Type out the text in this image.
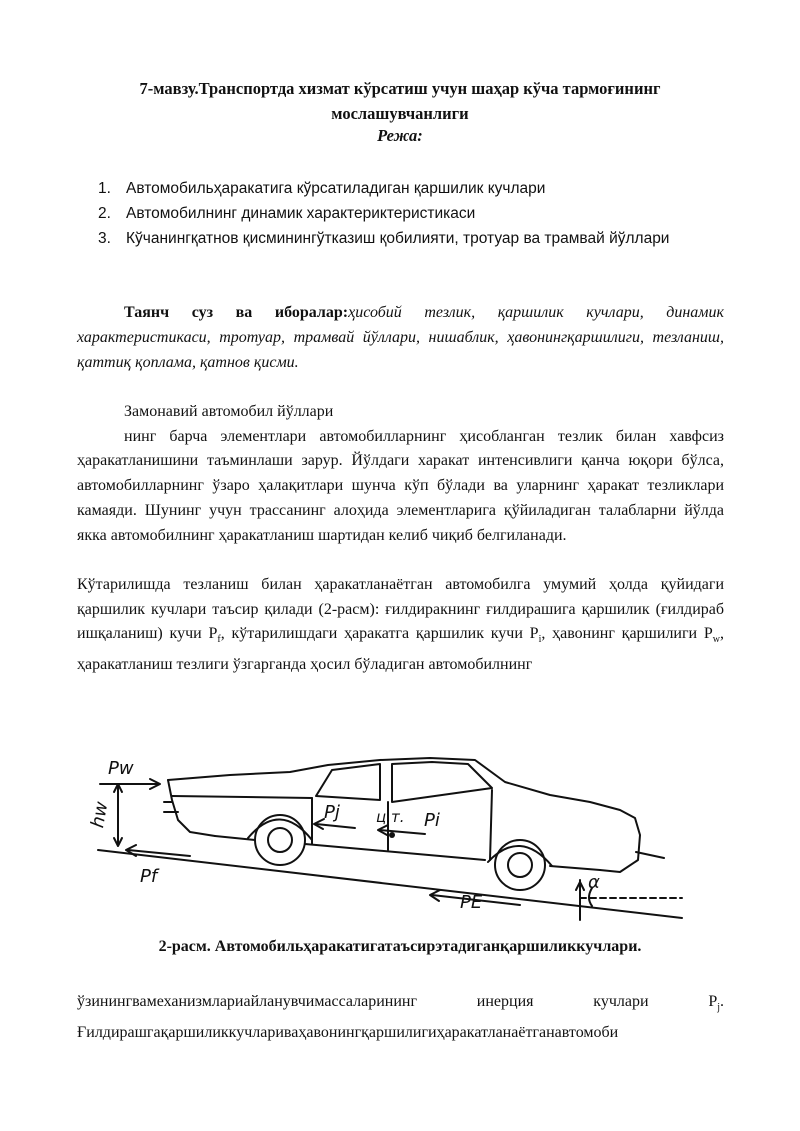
7-мавзу.Транспортда хизмат кўрсатиш учун шаҳар кўча тармоғининг
мослашувчанлиги
Режа:
1. Автомобильҳаракатига кўрсатиладиган қаршилик кучлари
2. Автомобилнинг динамик характериктеристикаси
3. Кўчанингқатнов қисминингўтказиш қобилияти, тротуар ва трамвай йўллари
Таянч суз ва иборалар:ҳисобий тезлик, қаршилик кучлари, динамик характеристикаси, тротуар, трамвай йўллари, нишаблик, ҳавонингқаршилиги, тезланиш, қаттиқ қоплама, қатнов қисми.
Замонавий автомобил йўллари
нинг барча элементлари автомобилларнинг ҳисобланган тезлик билан хавфсиз ҳаракатланишини таъминлаши зарур. Йўлдаги харакат интенсивлиги қанча юқори бўлса, автомобилларнинг ўзаро ҳалақитлари шунча кўп бўлади ва уларнинг ҳаракат тезликлари камаяди. Шунинг учун трассанинг алоҳида элементларига қўйиладиган талабларни йўлда якка автомобилнинг ҳаракатланиш шартидан келиб чиқиб белгиланади.
Кўтарилишда тезланиш билан ҳаракатланаётган автомобилга умумий ҳолда қуйидаги қаршилик кучлари таъсир қилади (2-расм): ғилдиракнинг ғилдирашига қаршилик (ғилдираб ишқаланиш) кучи $P_f$, кўтарилишдаги ҳаракатга қаршилик кучи $P_i$, ҳавонинг қаршилиги $P_w$, ҳаракатланиш тезлиги ўзгарганда ҳосил бўладиган автомобилнинг
Pw
hw
Pf
Pj ц.т. Pi
PE
α
2-расм. Автомобильҳаракатигатаъсирэтадиганқаршиликкучлари.
ўзинингвамеханизмлариайланувчимассаларининг инерция кучлари $P_j$. Ғилдирашгақаршиликкучлариваҳавонингқаршилигиҳаракатланаётганавтомоби
